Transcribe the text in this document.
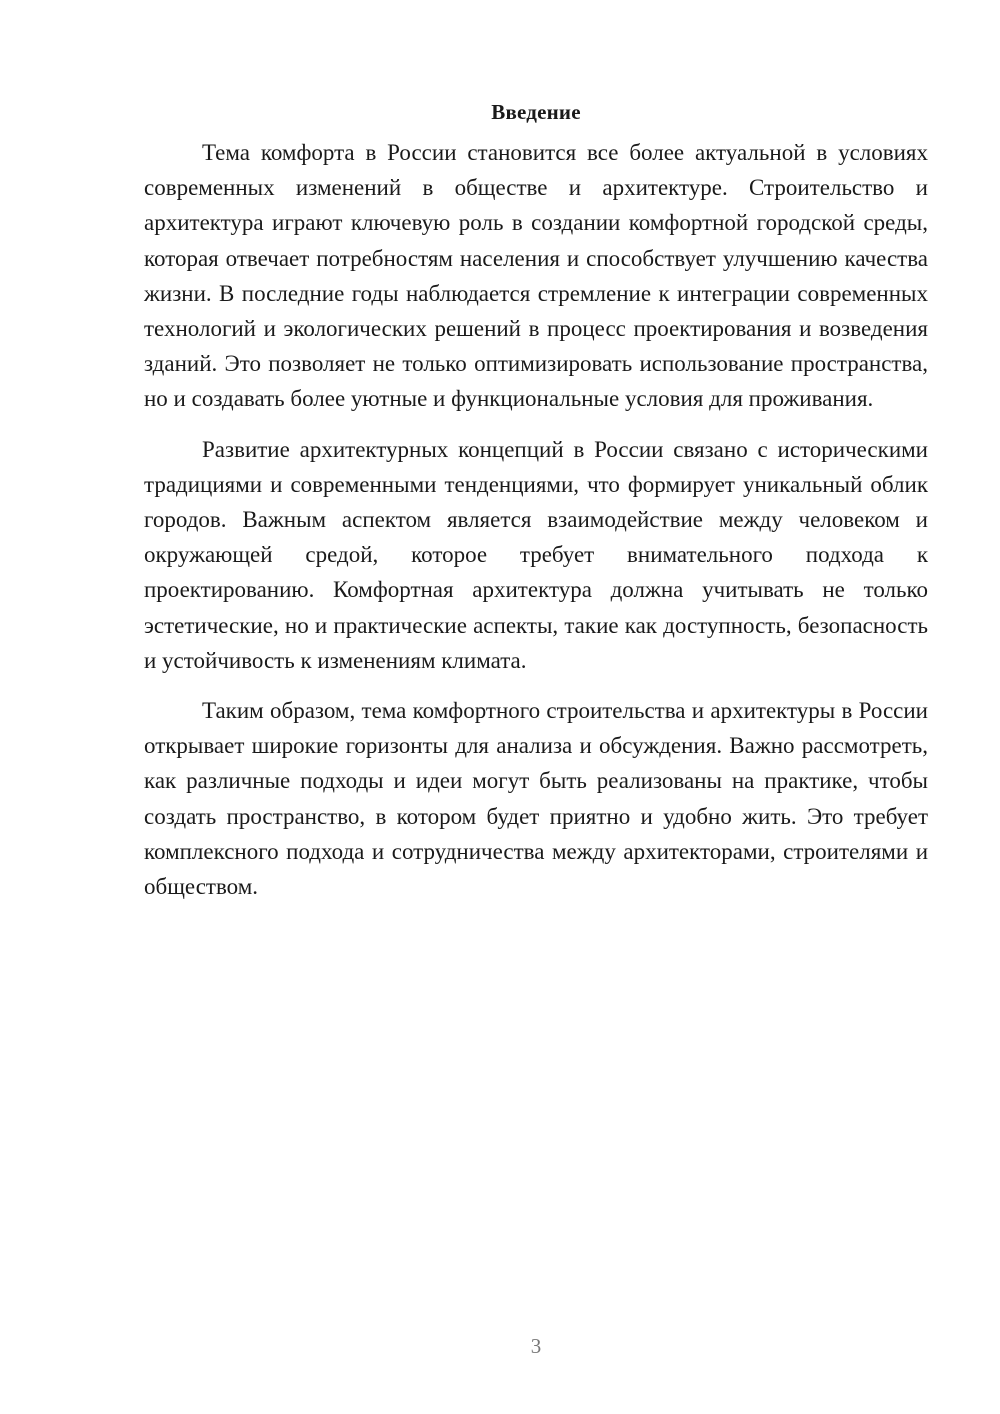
Введение

Тема комфорта в России становится все более актуальной в условиях современных изменений в обществе и архитектуре. Строительство и архитектура играют ключевую роль в создании комфортной городской среды, которая отвечает потребностям населения и способствует улучшению качества жизни. В последние годы наблюдается стремление к интеграции современных технологий и экологических решений в процесс проектирования и возведения зданий. Это позволяет не только оптимизировать использование пространства, но и создавать более уютные и функциональные условия для проживания.

Развитие архитектурных концепций в России связано с историческими традициями и современными тенденциями, что формирует уникальный облик городов. Важным аспектом является взаимодействие между человеком и окружающей средой, которое требует внимательного подхода к проектированию. Комфортная архитектура должна учитывать не только эстетические, но и практические аспекты, такие как доступность, безопасность и устойчивость к изменениям климата.

Таким образом, тема комфортного строительства и архитектуры в России открывает широкие горизонты для анализа и обсуждения. Важно рассмотреть, как различные подходы и идеи могут быть реализованы на практике, чтобы создать пространство, в котором будет приятно и удобно жить. Это требует комплексного подхода и сотрудничества между архитекторами, строителями и обществом.

3
